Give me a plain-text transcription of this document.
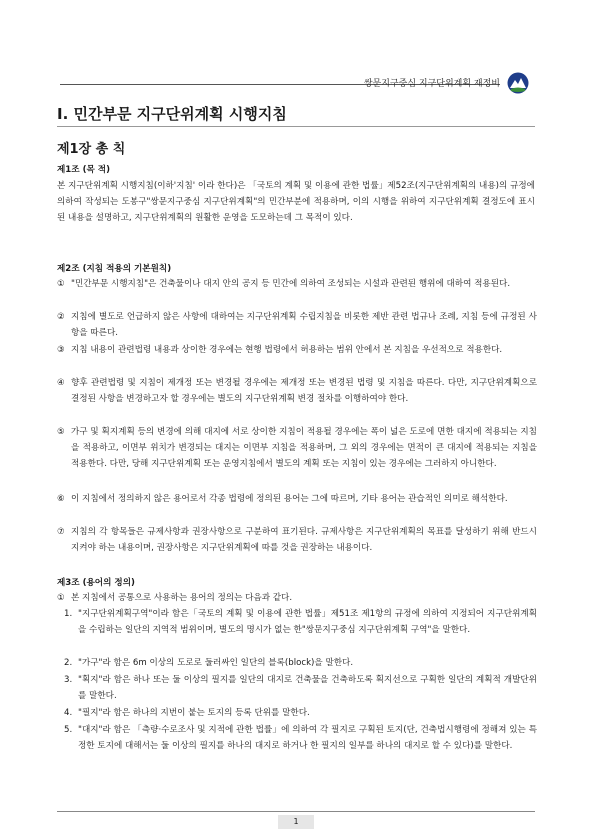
쌍문지구중심 지구단위계획 재정비
Ⅰ. 민간부문 지구단위계획 시행지침
제1장 총 칙
제1조 (목 적)
본 지구단위계획 시행지침(이하'지침' 이라 한다)은 「국토의 계획 및 이용에 관한 법률」제52조(지구단위계획의 내용)의 규정에 의하여 작성되는 도봉구"쌍문지구중심 지구단위계획"의 민간부분에 적용하며, 이의 시행을 위하여 지구단위계획 결정도에 표시된 내용을 설명하고, 지구단위계획의 원활한 운영을 도모하는데 그 목적이 있다.
제2조 (지침 적용의 기본원칙)
① "민간부문 시행지침"은 건축물이나 대지 안의 공지 등 민간에 의하여 조성되는 시설과 관련된 행위에 대하여 적용된다.
② 지침에 별도로 언급하지 않은 사항에 대하여는 지구단위계획 수립지침을 비롯한 제반 관련 법규나 조례, 지침 등에 규정된 사항을 따른다.
③ 지침 내용이 관련법령 내용과 상이한 경우에는 현행 법령에서 허용하는 범위 안에서 본 지침을 우선적으로 적용한다.
④ 향후 관련법령 및 지침이 제개정 또는 변경될 경우에는 제개정 또는 변경된 법령 및 지침을 따른다. 다만, 지구단위계획으로 결정된 사항을 변경하고자 할 경우에는 별도의 지구단위계획 변경 절차를 이행하여야 한다.
⑤ 가구 및 획지계획 등의 변경에 의해 대지에 서로 상이한 지침이 적용될 경우에는 폭이 넓은 도로에 면한 대지에 적용되는 지침을 적용하고, 이면부 위치가 변경되는 대지는 이면부 지침을 적용하며, 그 외의 경우에는 면적이 큰 대지에 적용되는 지침을 적용한다. 다만, 당해 지구단위계획 또는 운영지침에서 별도의 계획 또는 지침이 있는 경우에는 그러하지 아니한다.
⑥ 이 지침에서 정의하지 않은 용어로서 각종 법령에 정의된 용어는 그에 따르며, 기타 용어는 관습적인 의미로 해석한다.
⑦ 지침의 각 항목들은 규제사항과 권장사항으로 구분하여 표기된다. 규제사항은 지구단위계획의 목표를 달성하기 위해 반드시 지켜야 하는 내용이며, 권장사항은 지구단위계획에 따를 것을 권장하는 내용이다.
제3조 (용어의 정의)
① 본 지침에서 공통으로 사용하는 용어의 정의는 다음과 같다.
1. "지구단위계획구역"이라 함은「국토의 계획 및 이용에 관한 법률」제51조 제1항의 규정에 의하여 지정되어 지구단위계획을 수립하는 일단의 지역적 범위이며, 별도의 명시가 없는 한"쌍문지구중심 지구단위계획 구역"을 말한다.
2. "가구"라 함은 6m 이상의 도로로 둘러싸인 일단의 블록(block)을 말한다.
3. "획지"라 함은 하나 또는 둘 이상의 필지를 일단의 대지로 건축물을 건축하도록 획지선으로 구획한 일단의 계획적 개발단위를 말한다.
4. "필지"라 함은 하나의 지번이 붙는 토지의 등록 단위를 말한다.
5. "대지"라 함은 「측량·수로조사 및 지적에 관한 법률」에 의하여 각 필지로 구획된 토지(단, 건축법시행령에 정해져 있는 특정한 토지에 대해서는 둘 이상의 필지를 하나의 대지로 하거나 한 필지의 일부를 하나의 대지로 할 수 있다)를 말한다.
1
